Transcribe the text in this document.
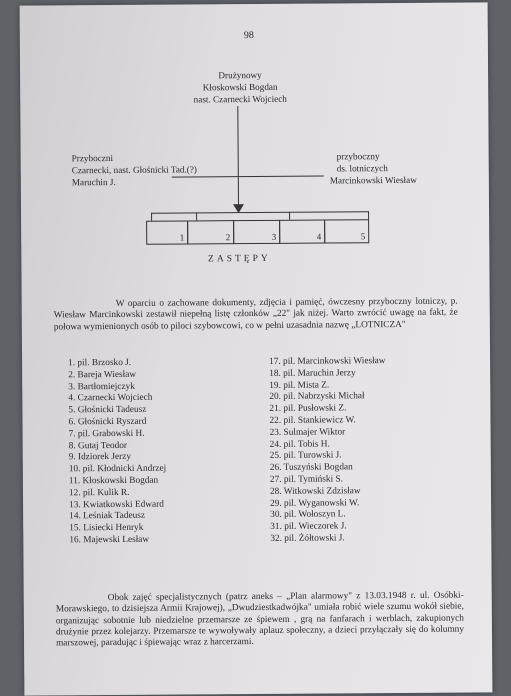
98
Drużynowy
Kłoskowski Bogdan
nast. Czarnecki Wojciech
Przyboczni
Czarnecki, nast. Głośnicki Tad.(?)
Maruchin J.
przyboczny
ds. lotniczych
Marcinkowski Wiesław
1	2	3	4	5
ZASTĘPY
W oparciu o zachowane dokumenty, zdjęcia i pamięć, ówczesny przyboczny lotniczy, p. Wiesław Marcinkowski zestawił niepełną listę członków „22" jak niżej. Warto zwrócić uwagę na fakt, że połowa wymienionych osób to piloci szybowcowi, co w pełni uzasadnia nazwę „LOTNICZA"
1. pil. Brzosko J.
2. Bareja Wiesław
3. Bartłomiejczyk
4. Czarnecki Wojciech
5. Głośnicki Tadeusz
6. Głośnicki Ryszard
7. pil. Grabowski H.
8. Gutaj Teodor
9. Idziorek Jerzy
10. pil. Kłodnicki Andrzej
11. Kłoskowski Bogdan
12. pil. Kulik R.
13. Kwiatkowski Edward
14. Leśniak Tadeusz
15. Lisiecki Henryk
16. Majewski Lesław
17. pil. Marcinkowski Wiesław
18. pil. Maruchin Jerzy
19. pil. Mista Z.
20. pil. Nabrzyski Michał
21. pil. Pusłowski Z.
22. pil. Stankiewicz W.
23. Sulmajer Wiktor
24. pil. Tobis H.
25. pil. Turowski J.
26. Tuszyński Bogdan
27. pil. Tymiński S.
28. Witkowski Zdzisław
29. pil. Wyganowski W.
30. pil. Wołoszyn L.
31. pil. Wieczorek J.
32. pil. Żółtowski J.
Obok zajęć specjalistycznych (patrz aneks – „Plan alarmowy" z 13.03.1948 r. ul. Osóbki-Morawskiego, to dzisiejsza Armii Krajowej), „Dwudziestkadwójka" umiała robić wiele szumu wokół siebie, organizując sobotnie lub niedzielne przemarsze ze śpiewem , grą na fanfarach i werblach, zakupionych drużynie przez kolejarzy. Przemarsze te wywoływały aplauz społeczny, a dzieci przyłączały się do kolumny marszowej, paradując i śpiewając wraz z harcerzami.
